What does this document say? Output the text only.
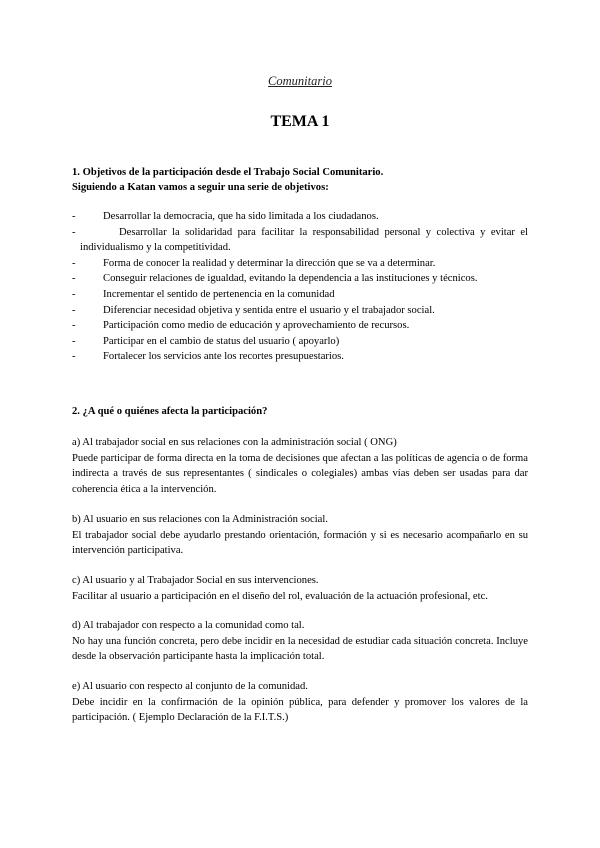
Comunitario
TEMA 1
1. Objetivos de la participación desde el Trabajo Social Comunitario.
Siguiendo a Katan vamos a seguir una serie de objetivos:
-	Desarrollar la democracia, que ha sido limitada a los ciudadanos.
-	Desarrollar la solidaridad para facilitar la responsabilidad personal y colectiva y evitar el individualismo y la competitividad.
-	Forma de conocer la realidad y determinar la dirección que se va a determinar.
-	Conseguir relaciones de igualdad, evitando la dependencia a las instituciones y técnicos.
-	Incrementar el sentido de pertenencia en la comunidad
-	Diferenciar necesidad objetiva y sentida entre el usuario y el trabajador social.
-	Participación como medio de educación y aprovechamiento de recursos.
-	Participar en el cambio de status del usuario ( apoyarlo)
-	Fortalecer los servicios ante los recortes presupuestarios.
2. ¿A qué o quiénes afecta la participación?

a) Al trabajador social en sus relaciones con la administración social ( ONG)

Puede participar de forma directa en la toma de decisiones que afectan a las políticas de agencia o de forma indirecta a través de sus representantes ( sindicales o colegiales) ambas vías deben ser usadas para dar coherencia ética a la intervención.

b) Al usuario en sus relaciones con la Administración social.

El trabajador social debe ayudarlo prestando orientación, formación y si es necesario acompañarlo en su intervención participativa.

c) Al usuario y al Trabajador Social en sus intervenciones.

Facilitar al usuario a participación en el diseño del rol, evaluación de la actuación profesional, etc.

d) Al trabajador con respecto a la comunidad como tal.

No hay una función concreta, pero debe incidir en la necesidad de estudiar cada situación concreta. Incluye desde la observación participante hasta la implicación total.

e) Al usuario con respecto al conjunto de la comunidad.

Debe incidir en la confirmación de la opinión pública, para defender y promover los valores de la participación. ( Ejemplo Declaración de la F.I.T.S.)
